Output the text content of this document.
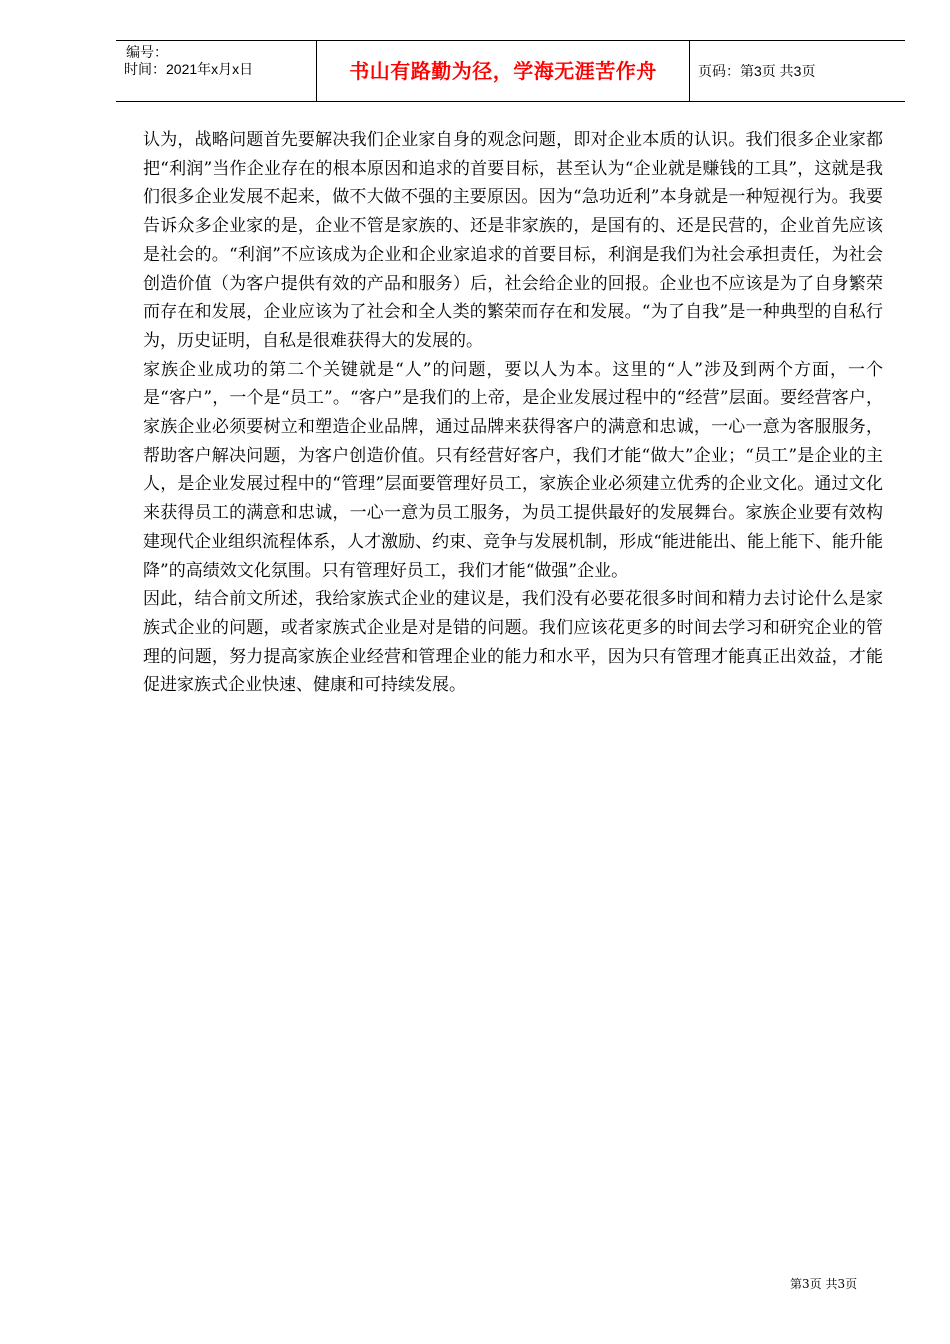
编号：
时间：2021年x月x日	书山有路勤为径，学海无涯苦作舟	页码：第3页 共3页

认为，战略问题首先要解决我们企业家自身的观念问题，即对企业本质的认识。我们很多企业家都把“利润”当作企业存在的根本原因和追求的首要目标，甚至认为“企业就是赚钱的工具”，这就是我们很多企业发展不起来，做不大做不强的主要原因。因为“急功近利”本身就是一种短视行为。我要告诉众多企业家的是，企业不管是家族的、还是非家族的，是国有的、还是民营的，企业首先应该是社会的。“利润”不应该成为企业和企业家追求的首要目标，利润是我们为社会承担责任，为社会创造价值（为客户提供有效的产品和服务）后，社会给企业的回报。企业也不应该是为了自身繁荣而存在和发展，企业应该为了社会和全人类的繁荣而存在和发展。“为了自我”是一种典型的自私行为，历史证明，自私是很难获得大的发展的。

家族企业成功的第二个关键就是“人”的问题，要以人为本。这里的“人”涉及到两个方面，一个是“客户”，一个是“员工”。“客户”是我们的上帝，是企业发展过程中的“经营”层面。要经营客户，家族企业必须要树立和塑造企业品牌，通过品牌来获得客户的满意和忠诚，一心一意为客服服务，帮助客户解决问题，为客户创造价值。只有经营好客户，我们才能“做大”企业；“员工”是企业的主人，是企业发展过程中的“管理”层面要管理好员工，家族企业必须建立优秀的企业文化。通过文化来获得员工的满意和忠诚，一心一意为员工服务，为员工提供最好的发展舞台。家族企业要有效构建现代企业组织流程体系，人才激励、约束、竞争与发展机制，形成“能进能出、能上能下、能升能降”的高绩效文化氛围。只有管理好员工，我们才能“做强”企业。

因此，结合前文所述，我给家族式企业的建议是，我们没有必要花很多时间和精力去讨论什么是家族式企业的问题，或者家族式企业是对是错的问题。我们应该花更多的时间去学习和研究企业的管理的问题，努力提高家族企业经营和管理企业的能力和水平，因为只有管理才能真正出效益，才能促进家族式企业快速、健康和可持续发展。

第3页 共3页
